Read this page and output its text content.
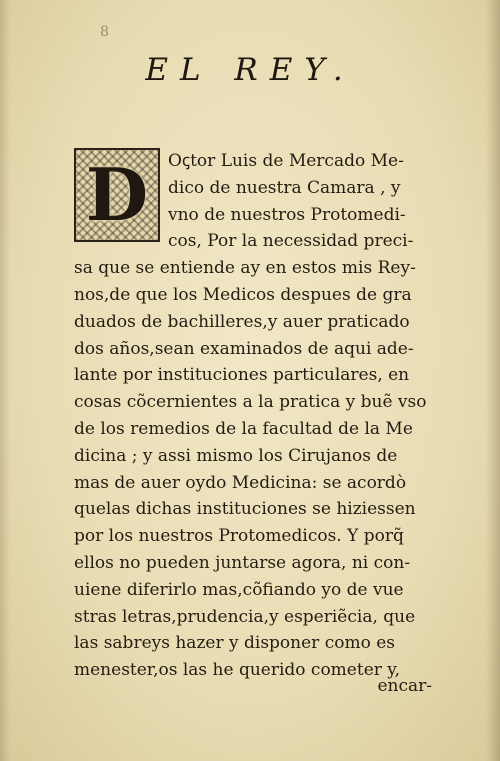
8
EL REY.
D	Oꞔtor Luis de Mercado Me-
dico de nuestra Camara , y
vno de nuestros Protomedi-
cos, Por la necessidad preci-
sa que se entiende ay en estos mis Rey-
nos,de que los Medicos despues de gra
duados de bachilleres,y auer praticado
dos años,sean examinados de aqui ade-
lante por instituciones particulares, en
cosas cõcernientes a la pratica y buẽ vso
de los remedios de la facultad de la Me
dicina ; y assi mismo los Cirujanos de
mas de auer oydo Medicina: se acordò
quelas dichas instituciones se hiziessen
por los nuestros Protomedicos. Y porq̃
ellos no pueden juntarse agora, ni con-
uiene diferirlo mas,cõfiando yo de vue
stras letras,prudencia,y esperiẽcia, que
las sabreys hazer y disponer como es
menester,os las he querido cometer y,
encar-
